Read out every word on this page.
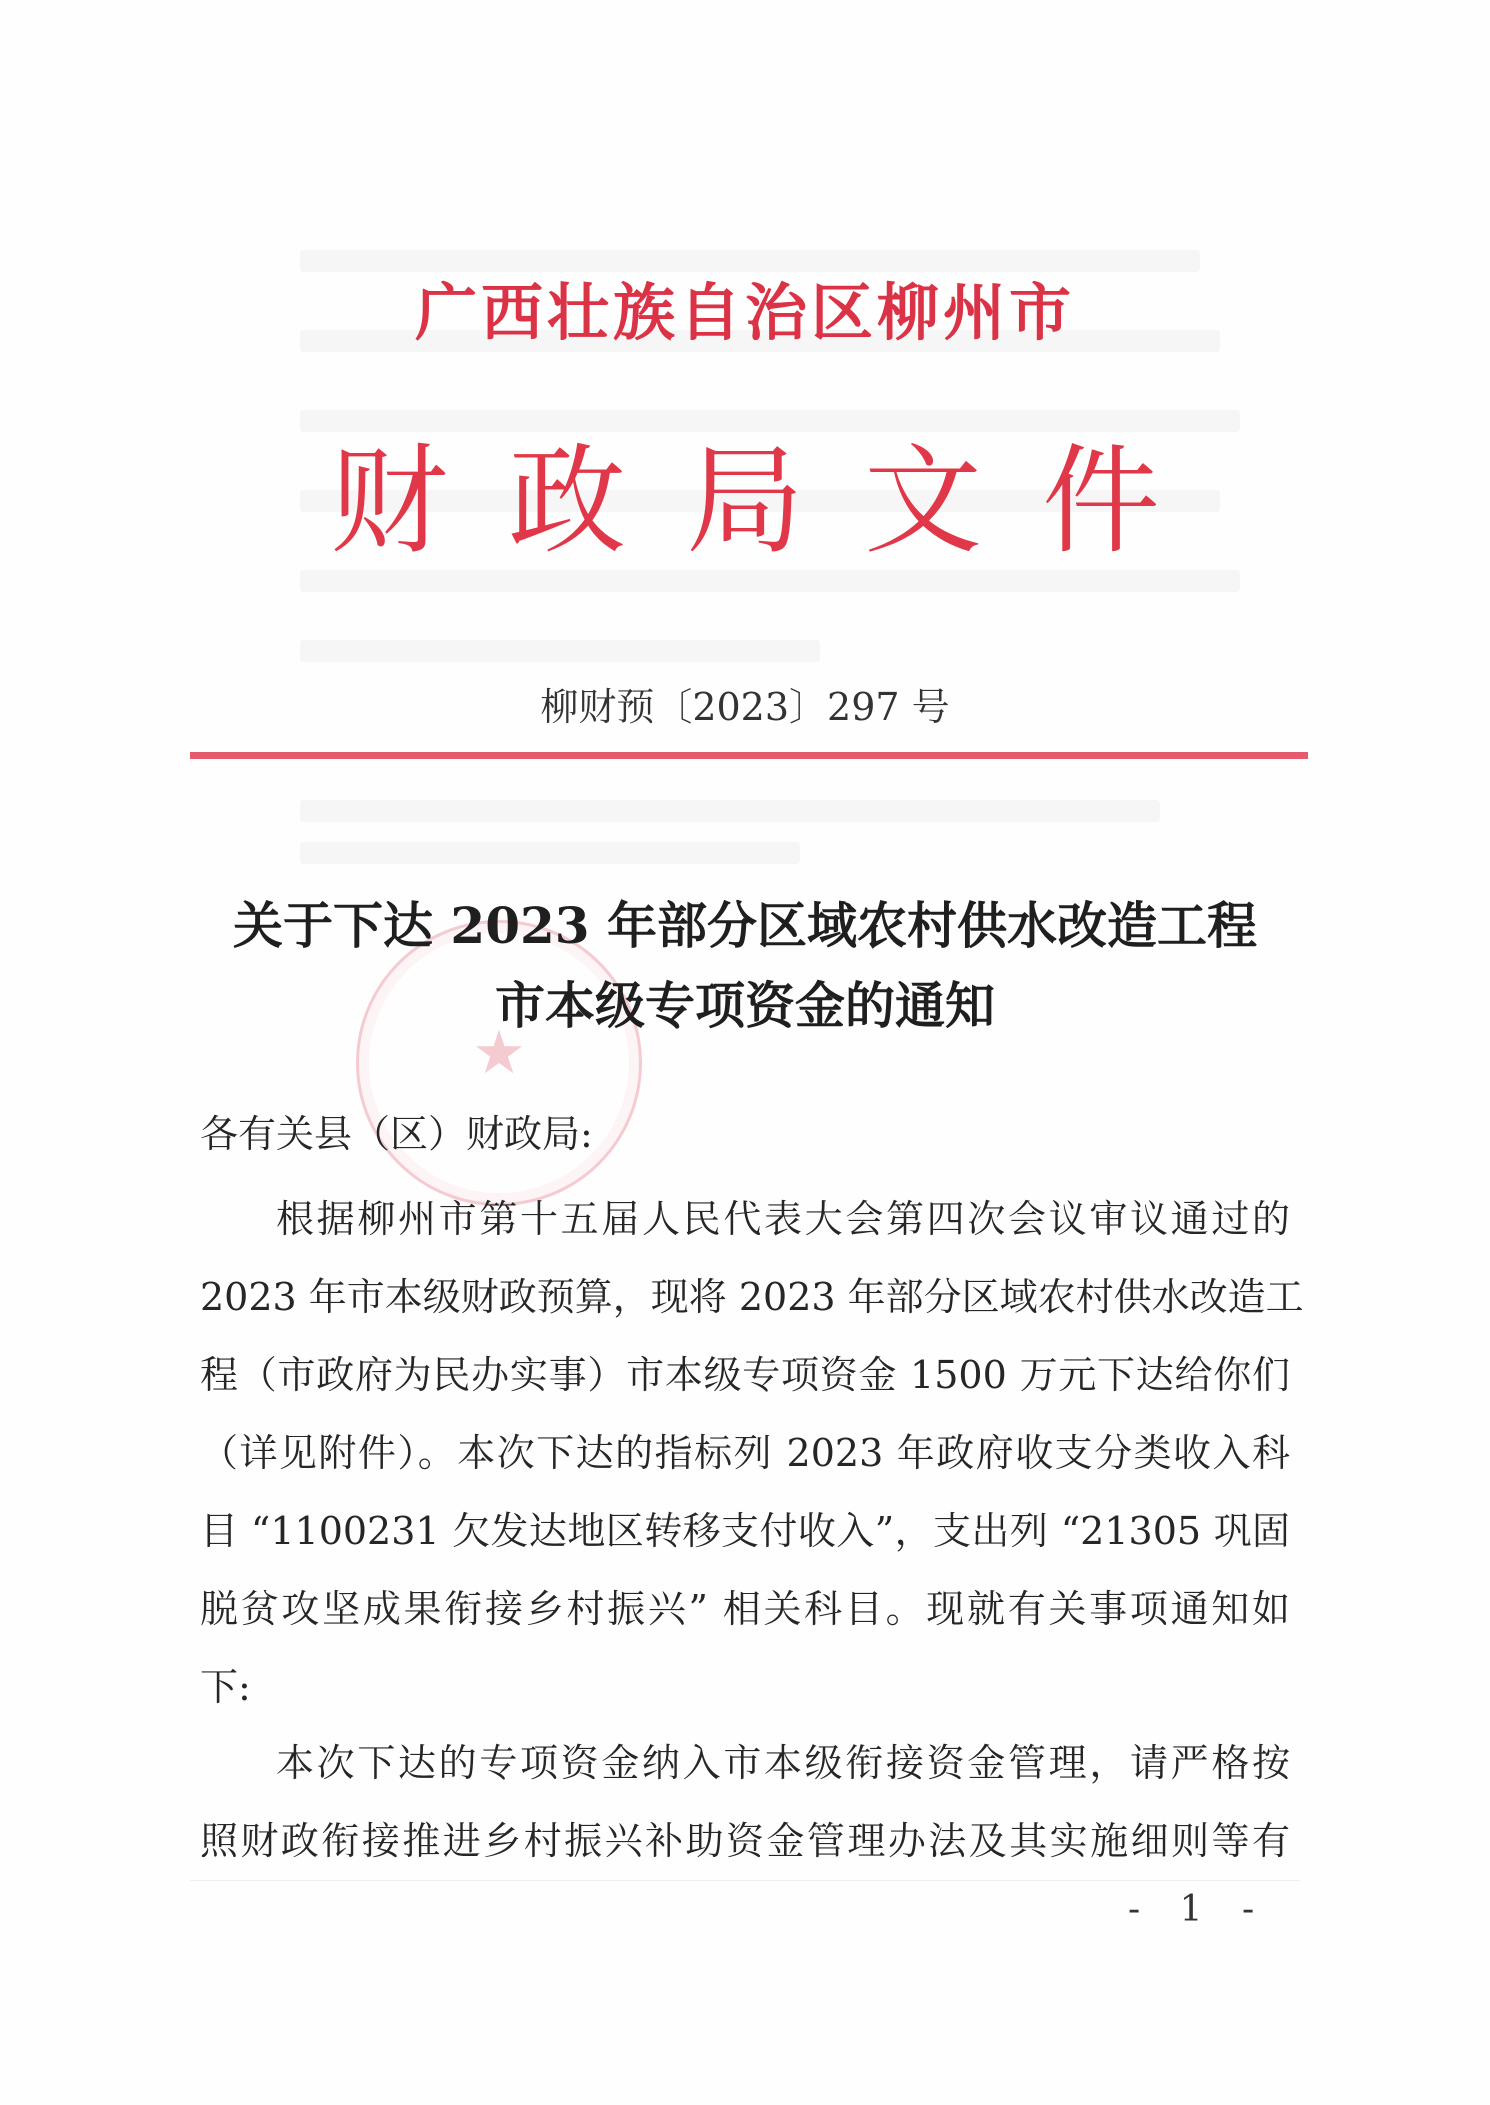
广西壮族自治区柳州市
财政局文件
柳财预〔2023〕297 号
★
关于下达 2023 年部分区域农村供水改造工程
市本级专项资金的通知
各有关县（区）财政局:
根据柳州市第十五届人民代表大会第四次会议审议通过的
2023 年市本级财政预算，现将 2023 年部分区域农村供水改造工
程（市政府为民办实事）市本级专项资金 1500 万元下达给你们
（详见附件）。本次下达的指标列 2023 年政府收支分类收入科
目 “1100231 欠发达地区转移支付收入”，支出列 “21305 巩固
脱贫攻坚成果衔接乡村振兴” 相关科目。现就有关事项通知如
下:
本次下达的专项资金纳入市本级衔接资金管理，请严格按
照财政衔接推进乡村振兴补助资金管理办法及其实施细则等有
- 1 -
